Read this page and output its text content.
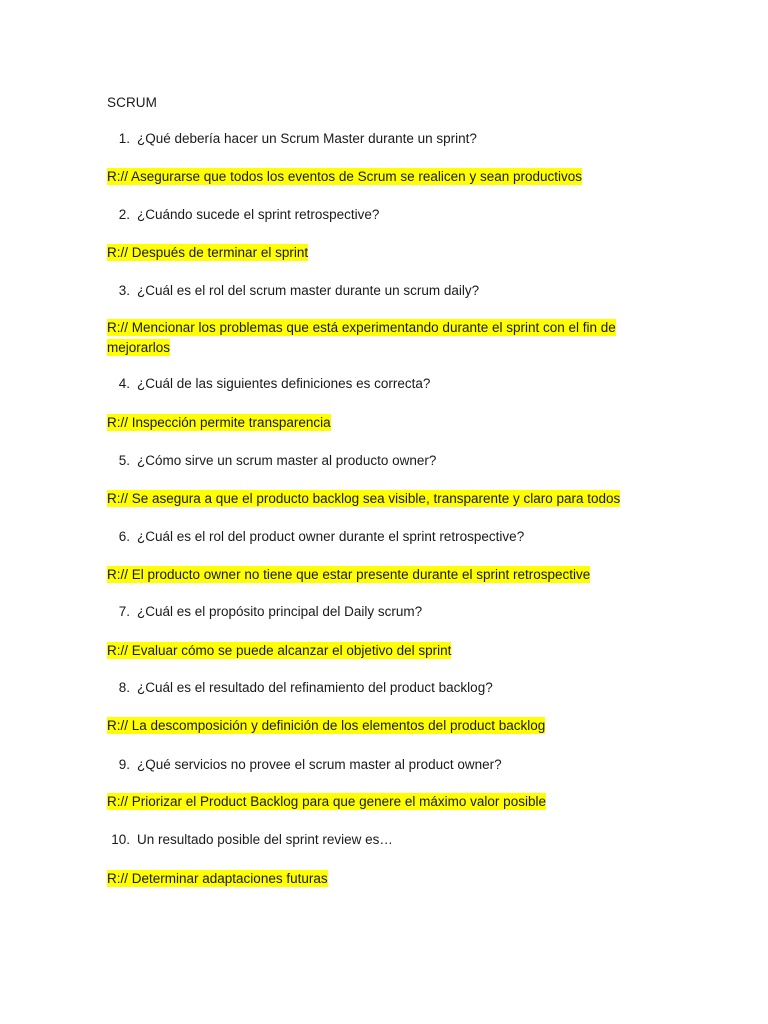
SCRUM
1. ¿Qué debería hacer un Scrum Master durante un sprint?
R:// Asegurarse que todos los eventos de Scrum se realicen y sean productivos
2. ¿Cuándo sucede el sprint retrospective?
R:// Después de terminar el sprint
3. ¿Cuál es el rol del scrum master durante un scrum daily?
R:// Mencionar los problemas que está experimentando durante el sprint con el fin de mejorarlos
4. ¿Cuál de las siguientes definiciones es correcta?
R:// Inspección permite transparencia
5. ¿Cómo sirve un scrum master al producto owner?
R:// Se asegura a que el producto backlog sea visible, transparente y claro para todos
6. ¿Cuál es el rol del product owner durante el sprint retrospective?
R:// El producto owner no tiene que estar presente durante el sprint retrospective
7. ¿Cuál es el propósito principal del Daily scrum?
R:// Evaluar cómo se puede alcanzar el objetivo del sprint
8. ¿Cuál es el resultado del refinamiento del product backlog?
R:// La descomposición y definición de los elementos del product backlog
9. ¿Qué servicios no provee el scrum master al product owner?
R:// Priorizar el Product Backlog para que genere el máximo valor posible
10. Un resultado posible del sprint review es…
R:// Determinar adaptaciones futuras
